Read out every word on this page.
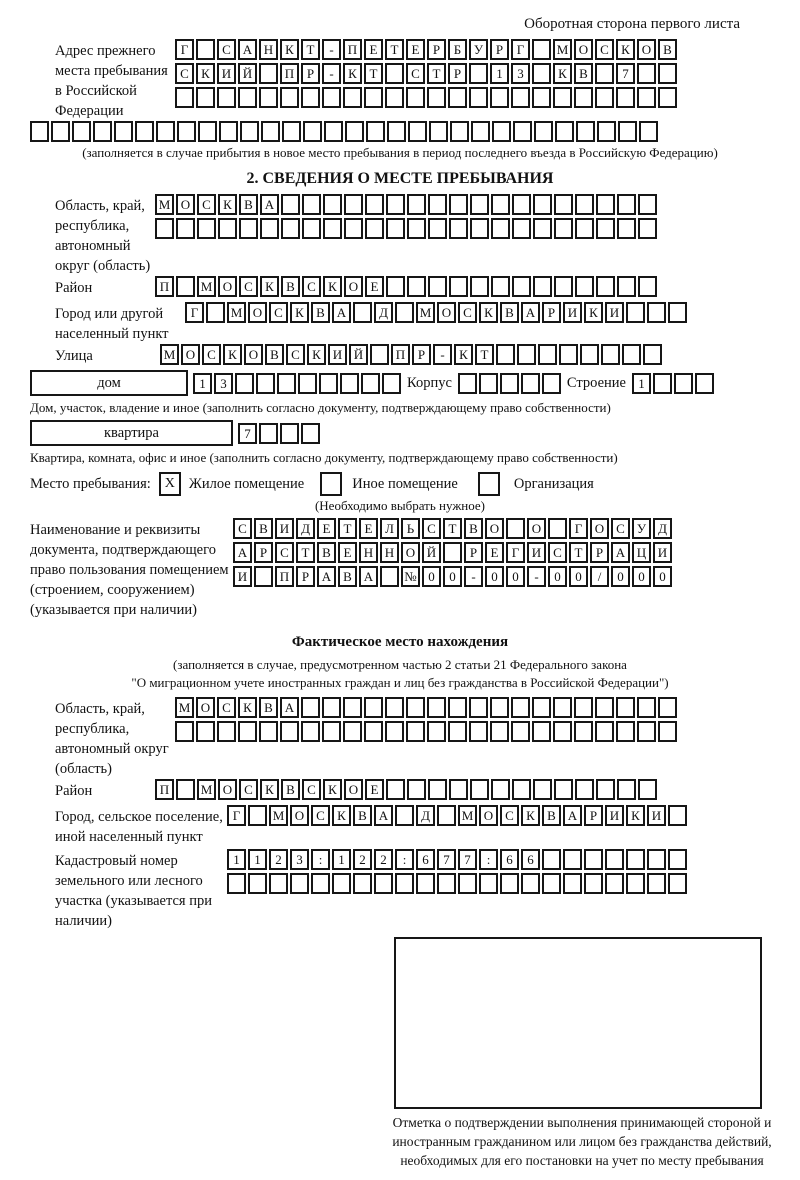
Оборотная сторона первого листа
Адрес прежнего места пребывания в Российской Федерации
Г	С А Н К Т	-	П Е	Т	Е	Р	Б У Р	Г	М О С К О В
С К И Й	П Р	-	К Т	С Т	Р	1	3	К В	7
(заполняется в случае прибытия в новое место пребывания в период последнего въезда в Российскую Федерацию)
2. СВЕДЕНИЯ О МЕСТЕ ПРЕБЫВАНИЯ
Область, край, республика, автономный округ (область)
М О С К В А
Район	П	М О С К В С К О Е
Город или другой населенный пункт
Г	М О С К В А	Д	М О С К В А Р И К И
Улица	М О С К О В С К И Й	П Р	-	К Т
дом	1	3	Корпус	Строение 1
Дом, участок, владение и иное (заполнить согласно документу, подтверждающему право собственности)
квартира	7
Квартира, комната, офис и иное (заполнить согласно документу, подтверждающему право собственности)
Место пребывания: X Жилое помещение	Иное помещение	Организация
(Необходимо выбрать нужное)
Наименование и реквизиты документа, подтверждающего право пользования помещением (строением, сооружением) (указывается при наличии)
С В И Д Е	Т	Е Л Ь С Т В О	О	Г О С У Д
А Р	С Т В Е Н Н О Й	Р	Е	Г И С Т	Р А Ц И
И	П Р А В А	№ 0	0	-	0	0	-	0	0	/	0	0	0
Фактическое место нахождения
(заполняется в случае, предусмотренном частью 2 статьи 21 Федерального закона
"О миграционном учете иностранных граждан и лиц без гражданства в Российской Федерации")
Область, край, республика, автономный округ (область)
М О С К В А
Район	П	М О С К В С К О Е
Город, сельское поселение, иной населенный пункт
Г	М О С К В А	Д	М О С К В А Р И К И
Кадастровый номер земельного или лесного участка (указывается при наличии)
1	1	2	3	:	1	2	2	:	6	7	7	:	6	6
Отметка о подтверждении выполнения принимающей стороной и иностранным гражданином или лицом без гражданства действий, необходимых для его постановки на учет по месту пребывания
